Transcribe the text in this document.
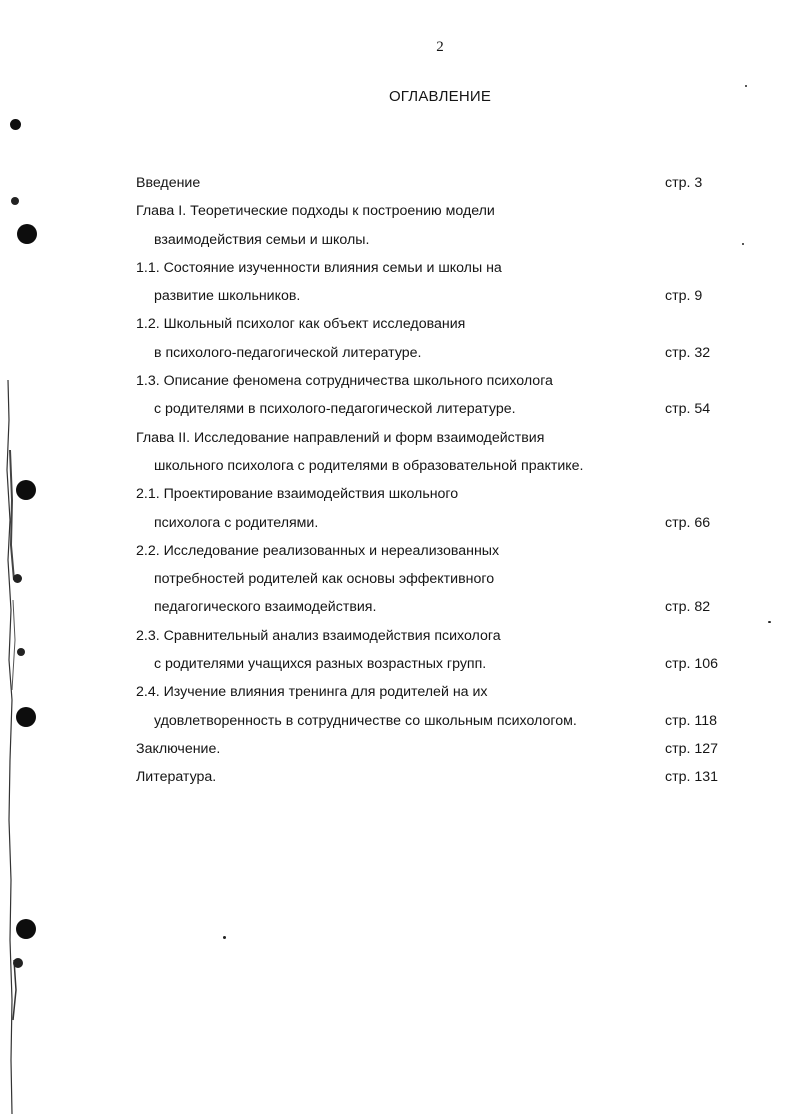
2
ОГЛАВЛЕНИЕ
Введение	стр. 3
Глава I. Теоретические подходы к построению модели
взаимодействия семьи и школы.
1.1. Состояние изученности влияния семьи и школы на
развитие школьников.	стр. 9
1.2. Школьный психолог как объект исследования
в психолого-педагогической литературе.	стр. 32
1.3. Описание феномена сотрудничества школьного психолога
с родителями в психолого-педагогической литературе.	стр. 54
Глава II. Исследование направлений и форм взаимодействия
школьного психолога с родителями в образовательной практике.
2.1. Проектирование взаимодействия школьного
психолога с родителями.	стр. 66
2.2. Исследование реализованных и нереализованных
потребностей родителей как основы эффективного
педагогического взаимодействия.	стр. 82
2.3. Сравнительный анализ взаимодействия психолога
с родителями учащихся разных возрастных групп.	стр. 106
2.4. Изучение влияния тренинга для родителей на их
удовлетворенность в сотрудничестве со школьным психологом.	стр. 118
Заключение.	стр. 127
Литература.	стр. 131
